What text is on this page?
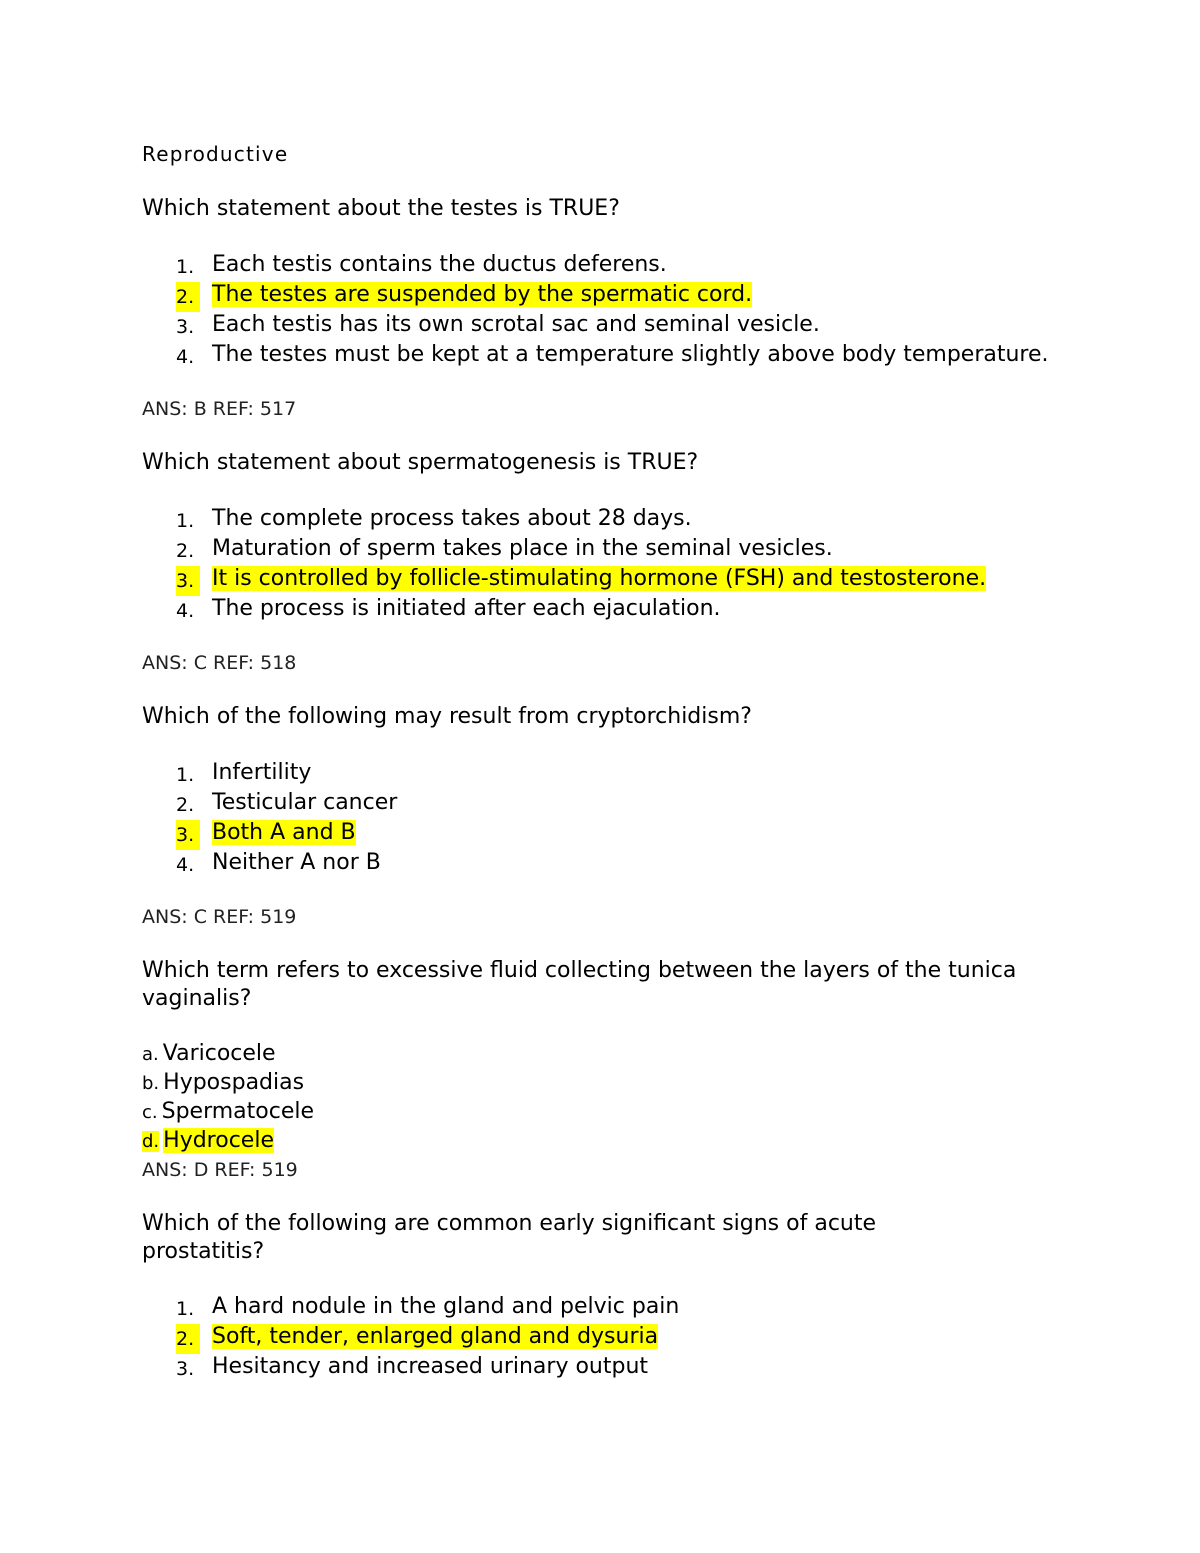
Reproductive

Which statement about the testes is TRUE?

1. Each testis contains the ductus deferens.
2. The testes are suspended by the spermatic cord.
3. Each testis has its own scrotal sac and seminal vesicle.
4. The testes must be kept at a temperature slightly above body temperature.

ANS: B REF: 517

Which statement about spermatogenesis is TRUE?

1. The complete process takes about 28 days.
2. Maturation of sperm takes place in the seminal vesicles.
3. It is controlled by follicle-stimulating hormone (FSH) and testosterone.
4. The process is initiated after each ejaculation.

ANS: C REF: 518

Which of the following may result from cryptorchidism?

1. Infertility
2. Testicular cancer
3. Both A and B
4. Neither A nor B

ANS: C REF: 519

Which term refers to excessive fluid collecting between the layers of the tunica vaginalis?

a. Varicocele
b. Hypospadias
c. Spermatocele
d. Hydrocele

ANS: D REF: 519

Which of the following are common early significant signs of acute prostatitis?

1. A hard nodule in the gland and pelvic pain
2. Soft, tender, enlarged gland and dysuria
3. Hesitancy and increased urinary output
